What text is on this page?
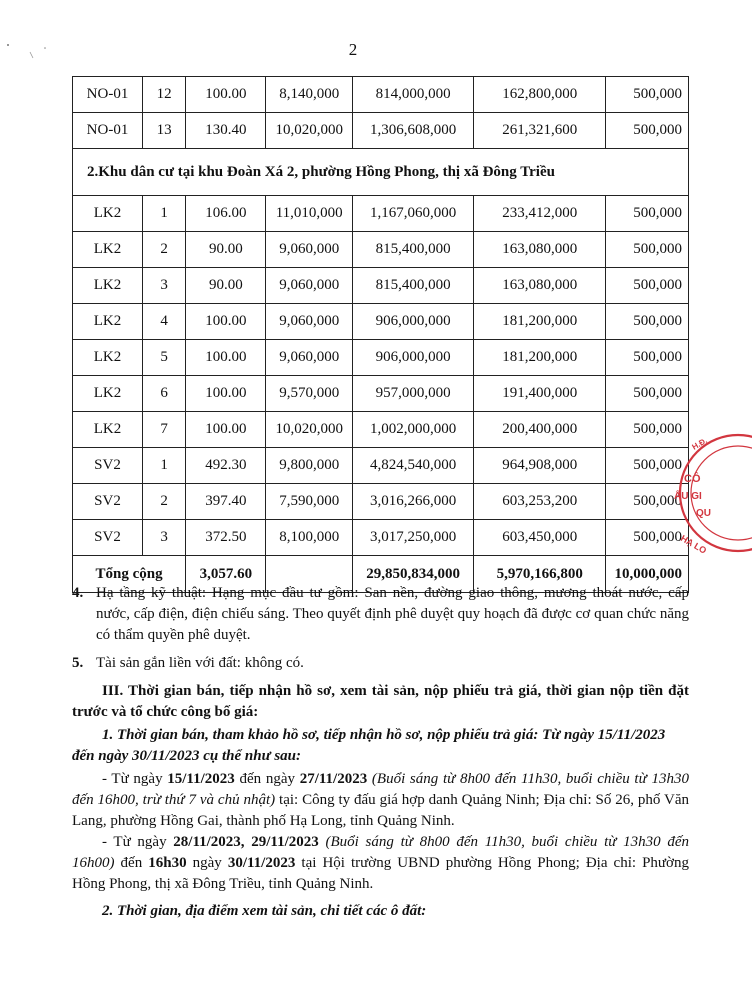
2
NO-01	12	100.00	8,140,000	814,000,000	162,800,000	500,000
NO-01	13	130.40	10,020,000	1,306,608,000	261,321,600	500,000
2.Khu dân cư tại khu Đoàn Xá 2, phường Hồng Phong, thị xã Đông Triều						
LK2	1	106.00	11,010,000	1,167,060,000	233,412,000	500,000
LK2	2	90.00	9,060,000	815,400,000	163,080,000	500,000
LK2	3	90.00	9,060,000	815,400,000	163,080,000	500,000
LK2	4	100.00	9,060,000	906,000,000	181,200,000	500,000
LK2	5	100.00	9,060,000	906,000,000	181,200,000	500,000
LK2	6	100.00	9,570,000	957,000,000	191,400,000	500,000
LK2	7	100.00	10,020,000	1,002,000,000	200,400,000	500,000
SV2	1	492.30	9,800,000	4,824,540,000	964,908,000	500,000
SV2	2	397.40	7,590,000	3,016,266,000	603,253,200	500,000
SV2	3	372.50	8,100,000	3,017,250,000	603,450,000	500,000
Tổng cộng		3,057.60		29,850,834,000	5,970,166,800	10,000,000
4. Hạ tầng kỹ thuật: Hạng mục đầu tư gồm: San nền, đường giao thông, mương thoát nước, cấp nước, cấp điện, điện chiếu sáng. Theo quyết định phê duyệt quy hoạch đã được cơ quan chức năng có thẩm quyền phê duyệt.
5. Tài sản gắn liền với đất: không có.
III. Thời gian bán, tiếp nhận hồ sơ, xem tài sản, nộp phiếu trả giá, thời gian nộp tiền đặt trước và tổ chức công bố giá:
1. Thời gian bán, tham khảo hồ sơ, tiếp nhận hồ sơ, nộp phiếu trả giá: Từ ngày 15/11/2023 đến ngày 30/11/2023 cụ thể như sau:

- Từ ngày 15/11/2023 đến ngày 27/11/2023 (Buổi sáng từ 8h00 đến 11h30, buổi chiều từ 13h30 đến 16h00, trừ thứ 7 và chủ nhật) tại: Công ty đấu giá hợp danh Quảng Ninh; Địa chỉ: Số 26, phố Văn Lang, phường Hồng Gai, thành phố Hạ Long, tỉnh Quảng Ninh.

- Từ ngày 28/11/2023, 29/11/2023 (Buổi sáng từ 8h00 đến 11h30, buổi chiều từ 13h30 đến 16h00) đến 16h30 ngày 30/11/2023 tại Hội trường UBND phường Hồng Phong; Địa chỉ: Phường Hồng Phong, thị xã Đông Triều, tỉnh Quảng Ninh.

2. Thời gian, địa điểm xem tài sản, chi tiết các ô đất:
H.Đ.
CÔ
ẤU GI
QU
HẠ LO
